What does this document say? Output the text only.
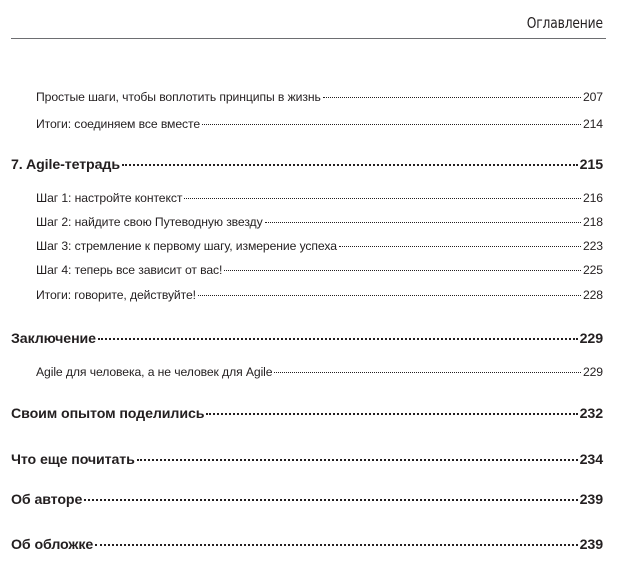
Оглавление
Простые шаги, чтобы воплотить принципы в жизнь	207
Итоги: соединяем все вместе	214
7. Agile-тетрадь	215
Шаг 1: настройте контекст	216
Шаг 2: найдите свою Путеводную звезду	218
Шаг 3: стремление к первому шагу, измерение успеха	223
Шаг 4: теперь все зависит от вас!	225
Итоги: говорите, действуйте!	228
Заключение	229
Agile для человека, а не человек для Agile	229
Своим опытом поделились	232
Что еще почитать	234
Об авторе	239
Об обложке	239
